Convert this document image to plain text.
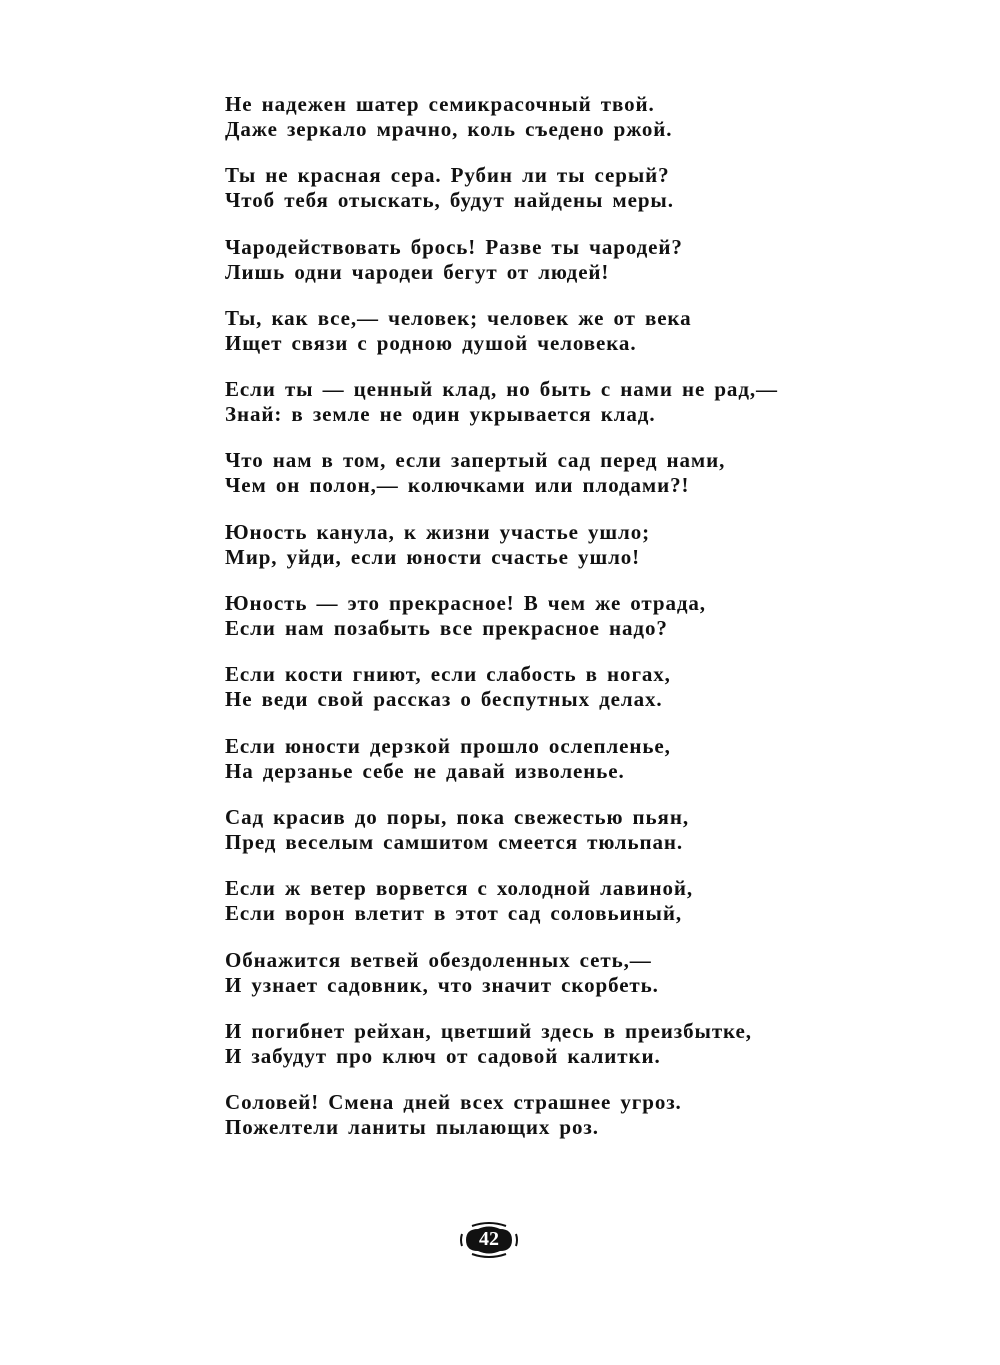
Не надежен шатер семикрасочный твой.
Даже зеркало мрачно, коль съедено ржой.
Ты не красная сера. Рубин ли ты серый?
Чтоб тебя отыскать, будут найдены меры.
Чародействовать брось! Разве ты чародей?
Лишь одни чародеи бегут от людей!
Ты, как все,— человек; человек же от века
Ищет связи с родною душой человека.
Если ты — ценный клад, но быть с нами не рад,—
Знай: в земле не один укрывается клад.
Что нам в том, если запертый сад перед нами,
Чем он полон,— колючками или плодами?!
Юность канула, к жизни участье ушло;
Мир, уйди, если юности счастье ушло!
Юность — это прекрасное! В чем же отрада,
Если нам позабыть все прекрасное надо?
Если кости гниют, если слабость в ногах,
Не веди свой рассказ о беспутных делах.
Если юности дерзкой прошло ослепленье,
На дерзанье себе не давай изволенье.
Сад красив до поры, пока свежестью пьян,
Пред веселым самшитом смеется тюльпан.
Если ж ветер ворвется с холодной лавиной,
Если ворон влетит в этот сад соловьиный,
Обнажится ветвей обездоленных сеть,—
И узнает садовник, что значит скорбеть.
И погибнет рейхан, цветший здесь в преизбытке,
И забудут про ключ от садовой калитки.
Соловей! Смена дней всех страшнее угроз.
Пожелтели ланиты пылающих роз.
42
